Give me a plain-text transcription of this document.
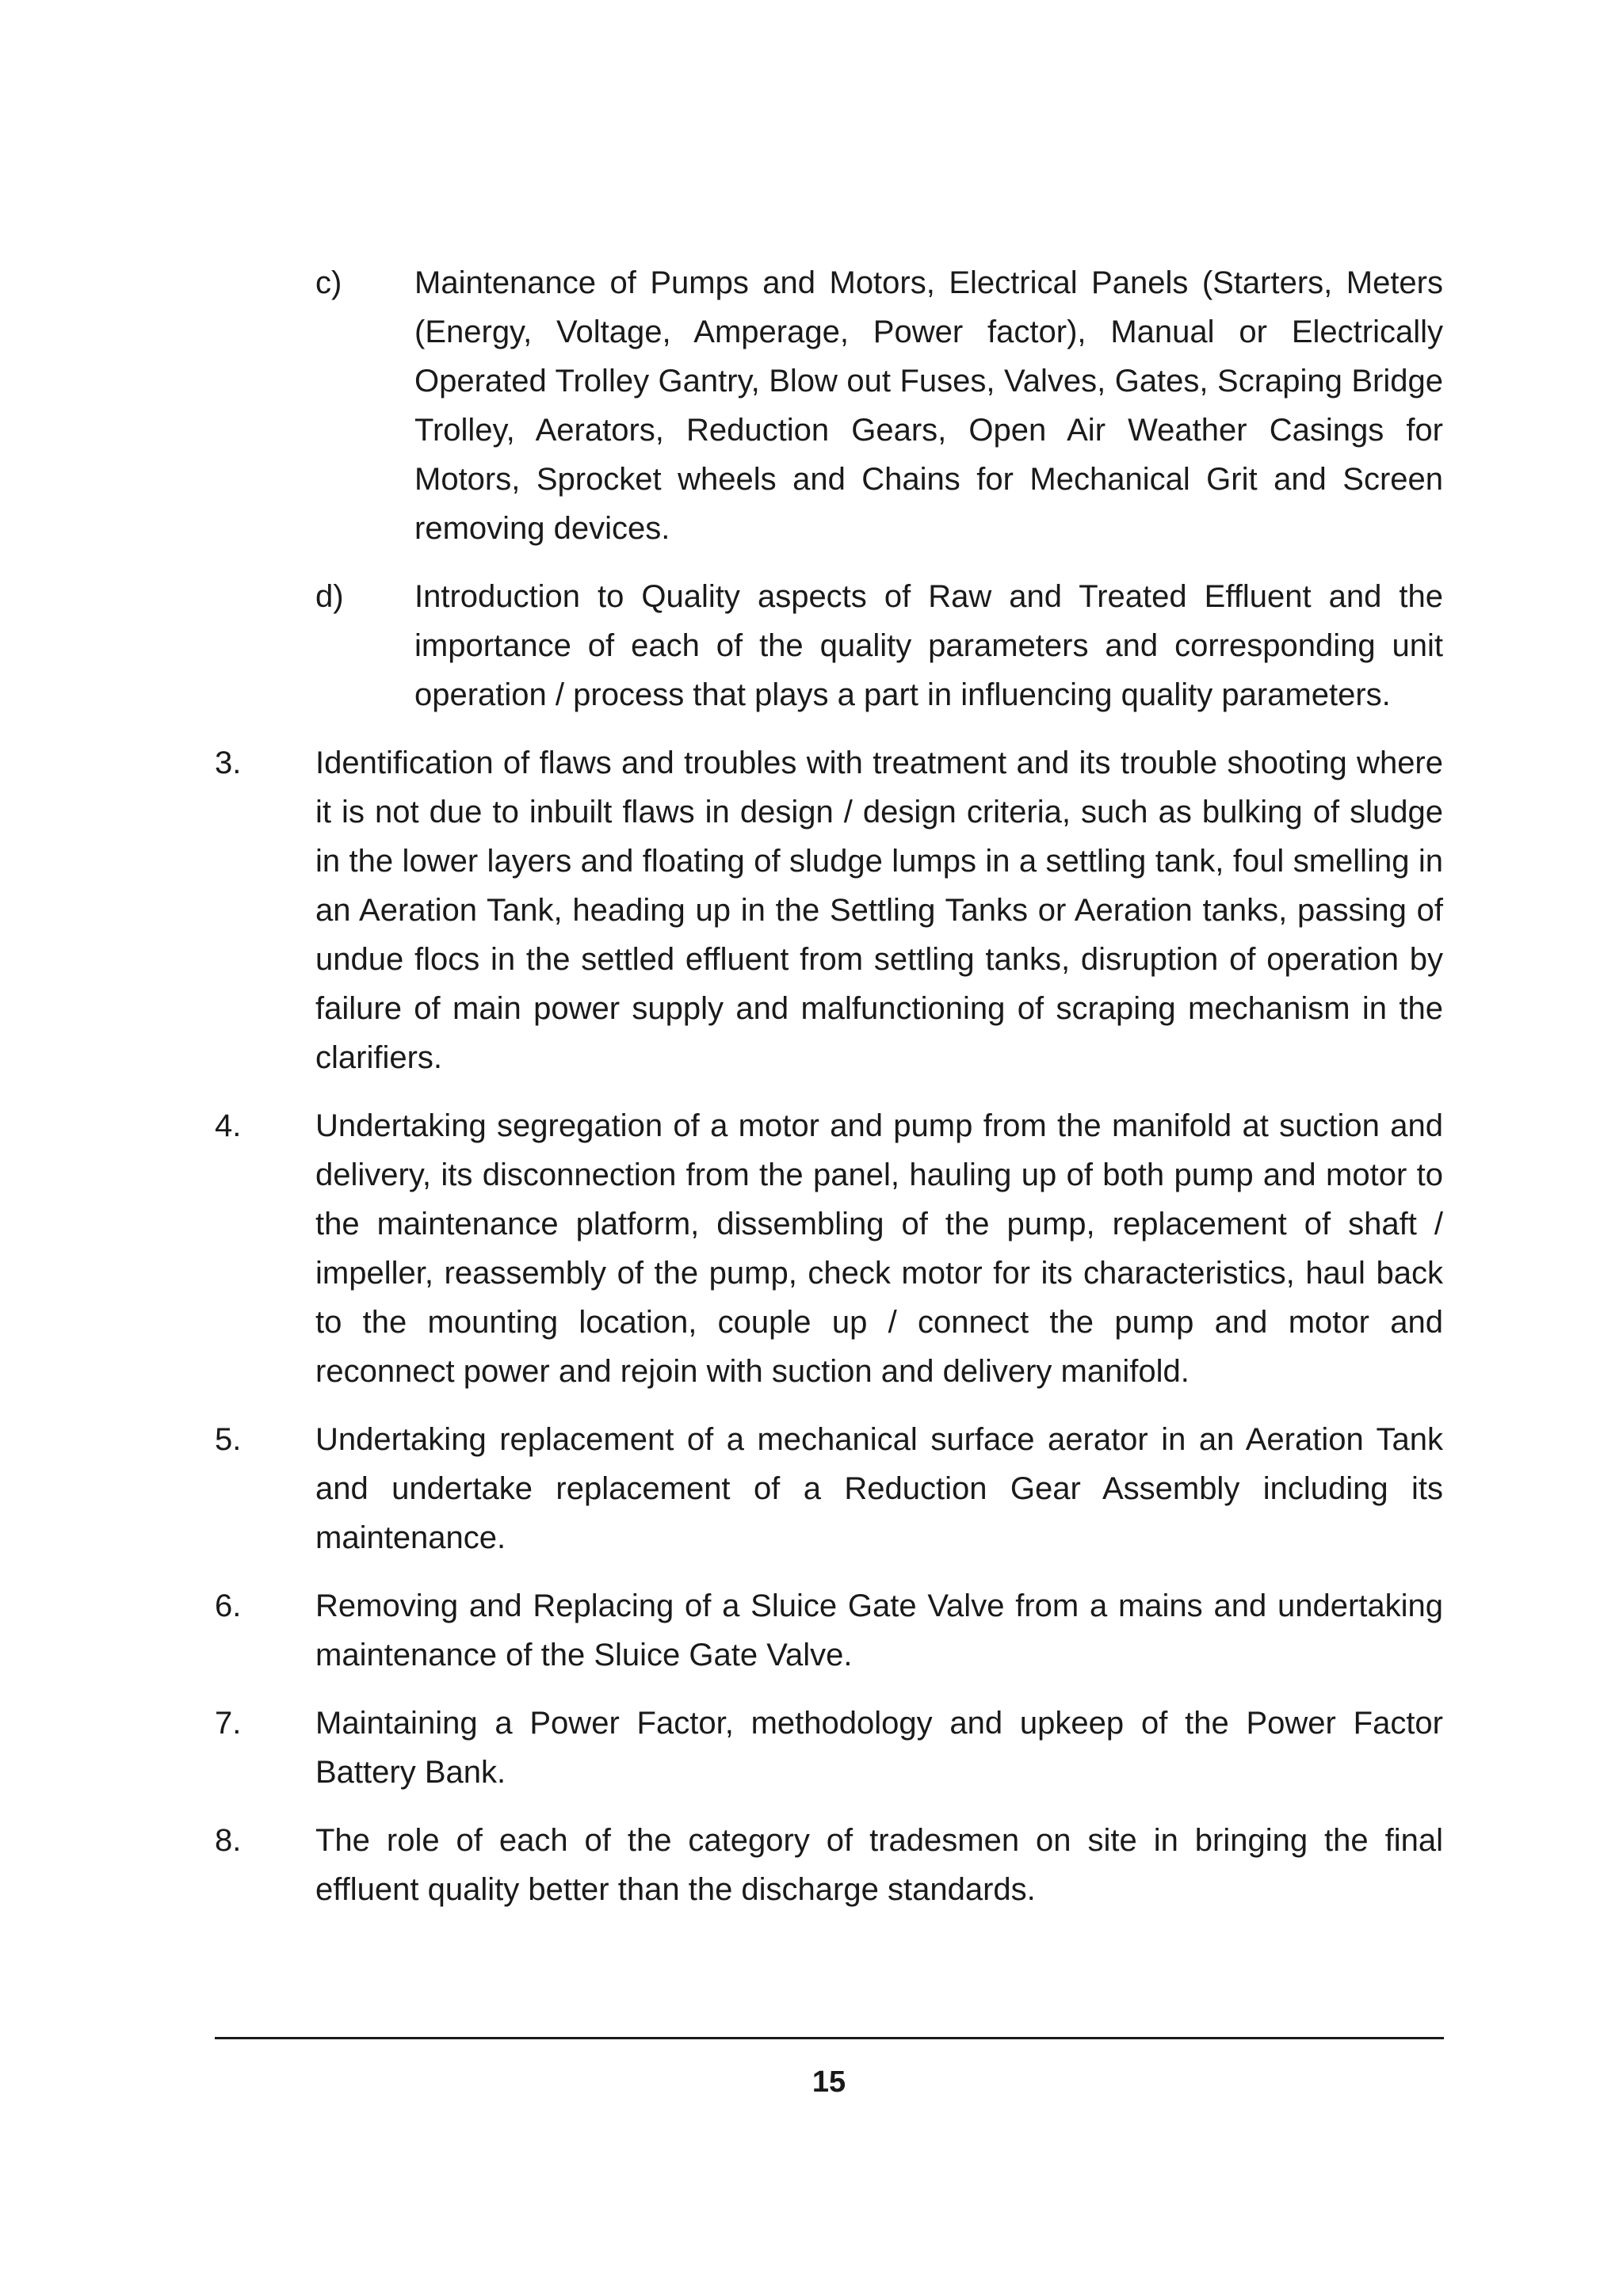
c) Maintenance of Pumps and Motors, Electrical Panels (Starters, Meters (Energy, Voltage, Amperage, Power factor), Manual or Electrically Operated Trolley Gantry, Blow out Fuses, Valves, Gates, Scraping Bridge Trolley, Aerators, Reduction Gears, Open Air Weather Casings for Motors, Sprocket wheels and Chains for Mechanical Grit and Screen removing devices.
d) Introduction to Quality aspects of Raw and Treated Effluent and the importance of each of the quality parameters and corresponding unit operation / process that plays a part in influencing quality parameters.
3. Identification of flaws and troubles with treatment and its trouble shooting where it is not due to inbuilt flaws in design / design criteria, such as bulking of sludge in the lower layers and floating of sludge lumps in a settling tank, foul smelling in an Aeration Tank, heading up in the Settling Tanks or Aeration tanks, passing of undue flocs in the settled effluent from settling tanks, disruption of operation by failure of main power supply and malfunctioning of scraping mechanism in the clarifiers.
4. Undertaking segregation of a motor and pump from the manifold at suction and delivery, its disconnection from the panel, hauling up of both pump and motor to the maintenance platform, dissembling of the pump, replacement of shaft / impeller, reassembly of the pump, check motor for its characteristics, haul back to the mounting location, couple up / connect the pump and motor and reconnect power and rejoin with suction and delivery manifold.
5. Undertaking replacement of a mechanical surface aerator in an Aeration Tank and undertake replacement of a Reduction Gear Assembly including its maintenance.
6. Removing and Replacing of a Sluice Gate Valve from a mains and undertaking maintenance of the Sluice Gate Valve.
7. Maintaining a Power Factor, methodology and upkeep of the Power Factor Battery Bank.
8. The role of each of the category of tradesmen on site in bringing the final effluent quality better than the discharge standards.
15
